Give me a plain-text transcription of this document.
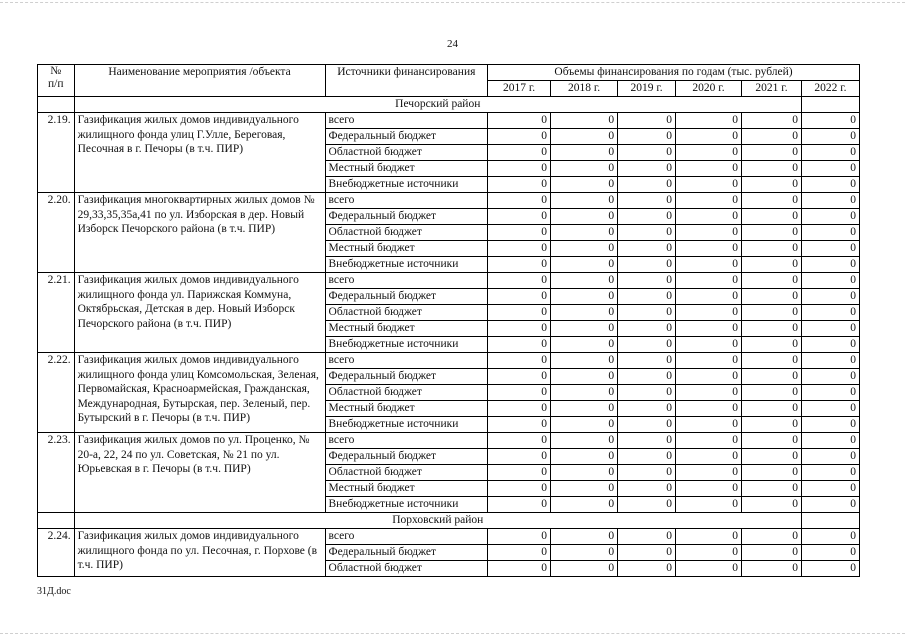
24
№
п/п	Наименование мероприятия /объекта	Источники финансирования	Объемы финансирования по годам (тыс. рублей)					
			2017 г.	2018 г.	2019 г.	2020 г.	2021 г.	2022 г.
	Печорский район							
2.19.	Газификация жилых домов индивидуального жилищного фонда улиц Г.Улле, Береговая, Песочная в г. Печоры (в т.ч. ПИР)	всего	0	0	0	0	0	0
		Федеральный бюджет	0	0	0	0	0	0
		Областной бюджет	0	0	0	0	0	0
		Местный бюджет	0	0	0	0	0	0
		Внебюджетные источники	0	0	0	0	0	0
2.20.	Газификация многоквартирных жилых домов № 29,33,35,35а,41 по ул. Изборская в дер. Новый Изборск Печорского района (в т.ч. ПИР)	всего	0	0	0	0	0	0
		Федеральный бюджет	0	0	0	0	0	0
		Областной бюджет	0	0	0	0	0	0
		Местный бюджет	0	0	0	0	0	0
		Внебюджетные источники	0	0	0	0	0	0
2.21.	Газификация жилых домов индивидуального жилищного фонда ул. Парижская Коммуна, Октябрьская, Детская в дер. Новый Изборск Печорского района (в т.ч. ПИР)	всего	0	0	0	0	0	0
		Федеральный бюджет	0	0	0	0	0	0
		Областной бюджет	0	0	0	0	0	0
		Местный бюджет	0	0	0	0	0	0
		Внебюджетные источники	0	0	0	0	0	0
2.22.	Газификация жилых домов индивидуального жилищного фонда улиц Комсомольская, Зеленая, Первомайская, Красноармейская, Гражданская, Международная, Бутырская, пер. Зеленый, пер. Бутырский в г. Печоры (в т.ч. ПИР)	всего	0	0	0	0	0	0
		Федеральный бюджет	0	0	0	0	0	0
		Областной бюджет	0	0	0	0	0	0
		Местный бюджет	0	0	0	0	0	0
		Внебюджетные источники	0	0	0	0	0	0
2.23.	Газификация жилых домов по ул. Проценко, № 20-а, 22, 24 по ул. Советская, № 21 по ул. Юрьевская в г. Печоры (в т.ч. ПИР)	всего	0	0	0	0	0	0
		Федеральный бюджет	0	0	0	0	0	0
		Областной бюджет	0	0	0	0	0	0
		Местный бюджет	0	0	0	0	0	0
		Внебюджетные источники	0	0	0	0	0	0
	Порховский район							
2.24.	Газификация жилых домов индивидуального жилищного фонда по ул. Песочная, г. Порхове (в т.ч. ПИР)	всего	0	0	0	0	0	0
		Федеральный бюджет	0	0	0	0	0	0
		Областной бюджет	0	0	0	0	0	0
31Д.doc
